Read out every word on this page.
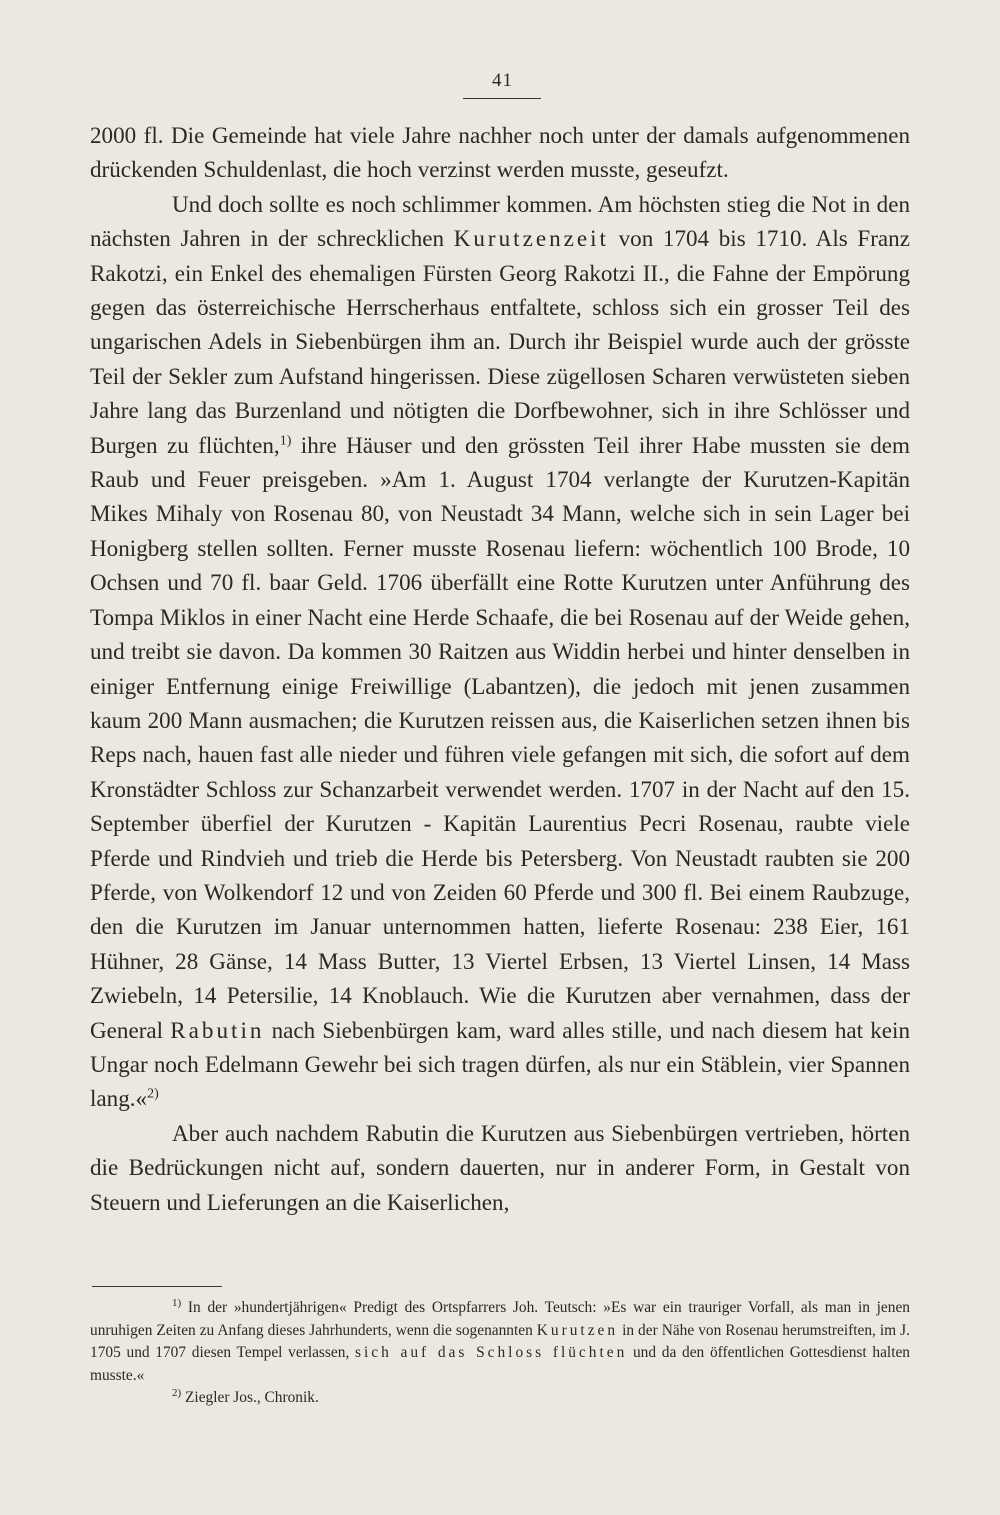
41

2000 fl. Die Gemeinde hat viele Jahre nachher noch unter der damals aufgenommenen drückenden Schuldenlast, die hoch verzinst werden musste, geseufzt.

Und doch sollte es noch schlimmer kommen. Am höchsten stieg die Not in den nächsten Jahren in der schrecklichen Kurutzenzeit von 1704 bis 1710. Als Franz Rakotzi, ein Enkel des ehemaligen Fürsten Georg Rakotzi II., die Fahne der Empörung gegen das österreichische Herrscherhaus entfaltete, schloss sich ein grosser Teil des ungarischen Adels in Siebenbürgen ihm an. Durch ihr Beispiel wurde auch der grösste Teil der Sekler zum Aufstand hingerissen. Diese zügellosen Scharen verwüsteten sieben Jahre lang das Burzenland und nötigten die Dorfbewohner, sich in ihre Schlösser und Burgen zu flüchten,$^{1)}$ ihre Häuser und den grössten Teil ihrer Habe mussten sie dem Raub und Feuer preisgeben. »Am 1. August 1704 verlangte der Kurutzen-Kapitän Mikes Mihaly von Rosenau 80, von Neustadt 34 Mann, welche sich in sein Lager bei Honigberg stellen sollten. Ferner musste Rosenau liefern: wöchentlich 100 Brode, 10 Ochsen und 70 fl. baar Geld. 1706 überfällt eine Rotte Kurutzen unter Anführung des Tompa Miklos in einer Nacht eine Herde Schaafe, die bei Rosenau auf der Weide gehen, und treibt sie davon. Da kommen 30 Raitzen aus Widdin herbei und hinter denselben in einiger Entfernung einige Freiwillige (Labantzen), die jedoch mit jenen zusammen kaum 200 Mann ausmachen; die Kurutzen reissen aus, die Kaiserlichen setzen ihnen bis Reps nach, hauen fast alle nieder und führen viele gefangen mit sich, die sofort auf dem Kronstädter Schloss zur Schanzarbeit verwendet werden. 1707 in der Nacht auf den 15. September überfiel der Kurutzen - Kapitän Laurentius Pecri Rosenau, raubte viele Pferde und Rindvieh und trieb die Herde bis Petersberg. Von Neustadt raubten sie 200 Pferde, von Wolkendorf 12 und von Zeiden 60 Pferde und 300 fl. Bei einem Raubzuge, den die Kurutzen im Januar unternommen hatten, lieferte Rosenau: 238 Eier, 161 Hühner, 28 Gänse, 14 Mass Butter, 13 Viertel Erbsen, 13 Viertel Linsen, 14 Mass Zwiebeln, 14 Petersilie, 14 Knoblauch. Wie die Kurutzen aber vernahmen, dass der General Rabutin nach Siebenbürgen kam, ward alles stille, und nach diesem hat kein Ungar noch Edelmann Gewehr bei sich tragen dürfen, als nur ein Stäblein, vier Spannen lang.«$^{2)}$

Aber auch nachdem Rabutin die Kurutzen aus Siebenbürgen vertrieben, hörten die Bedrückungen nicht auf, sondern dauerten, nur in anderer Form, in Gestalt von Steuern und Lieferungen an die Kaiserlichen,

$^{1)}$ In der »hundertjährigen« Predigt des Ortspfarrers Joh. Teutsch: »Es war ein trauriger Vorfall, als man in jenen unruhigen Zeiten zu Anfang dieses Jahrhunderts, wenn die sogenannten Kurutzen in der Nähe von Rosenau herumstreiften, im J. 1705 und 1707 diesen Tempel verlassen, sich auf das Schloss flüchten und da den öffentlichen Gottesdienst halten musste.«

$^{2)}$ Ziegler Jos., Chronik.
